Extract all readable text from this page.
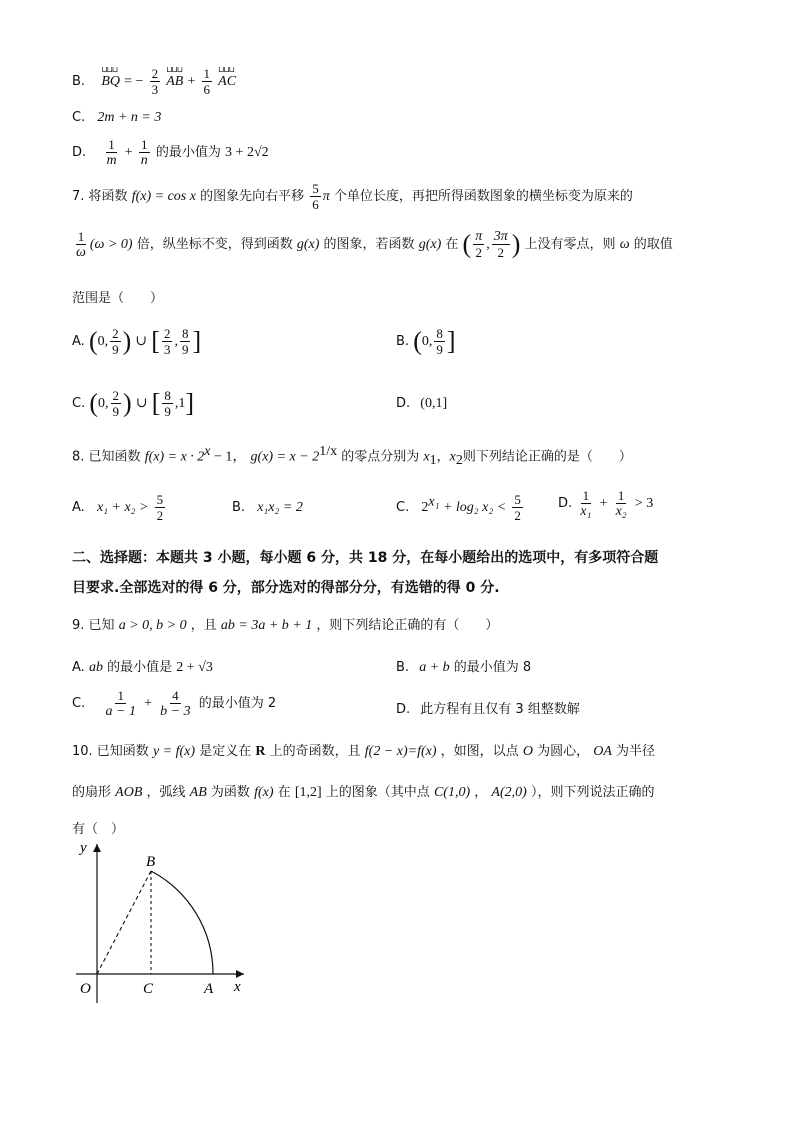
B.
⊔⊔⊔
BQ = − $\frac{2}{3}$
⊔⊔⊔
AB + $\frac{1}{6}$
⊔⊔⊔
AC
C. 2m + n = 3
D. $\frac{1}{m} + \frac{1}{n}$ 的最小值为 3 + 2√2
7. 将函数 f(x) = cos x 的图象先向右平移 $\frac{5}{6}$ π 个单位长度，再把所得函数图象的横坐标变为原来的
$\frac{1}{\omega} (\omega > 0)$ 倍，纵坐标不变，得到函数 g(x) 的图象，若函数 g(x) 在 ( $\frac{\pi}{2}$ , $\frac{3\pi}{2}$ ) 上没有零点，则 ω 的取值
范围是（　　）
A. (0, $\frac{2}{9}$ ) ∪ [ $\frac{2}{3}$ , $\frac{8}{9}$ ]	B. (0, $\frac{8}{9}$ ]
C. (0, $\frac{2}{9}$ ) ∪ [ $\frac{8}{9} ,1$]	D. (0,1]
8. 已知函数 $f(x) = x \cdot 2^x - 1$， $g(x) = x - 2^{1/x}$ 的零点分别为 $x_1$，$x_2$则下列结论正确的是（　　）
A. $x_1 + x_2 > \frac{5}{2}$	B. x₁x₂ = 2	C. $2^{x_1} + \log_2$ $x_2 < \frac{5}{2}$	D. $\frac{1}{\text{x₁}} + \frac{1}{\text{x₂}} > 3$
二、选择题：本题共 3 小题，每小题 6 分，共 18 分，在每小题给出的选项中，有多项符合题
目要求.全部选对的得 6 分，部分选对的得部分分，有选错的得 0 分.
9. 已知 a > 0, b > 0 ，且 ab = 3a + b + 1 ，则下列结论正确的有（　　）
A. ab 的最小值是 2 + √3	B. a + b 的最小值为 8
C. $\frac{1}{a - 1} + \frac{4}{b - 3}$ 的最小值为 2	D. 此方程有且仅有 3 组整数解
10. 已知函数 y = f(x) 是定义在 R 上的奇函数，且 f(2 − x)=f(x) ，如图，以点 O 为圆心， OA 为半径
的扇形 AOB ，弧线 AB 为函数 f(x) 在 [1,2] 上的图象（其中点 C(1,0) ， A(2,0) ），则下列说法正确的
有（　）
y
B
O	C	A x
